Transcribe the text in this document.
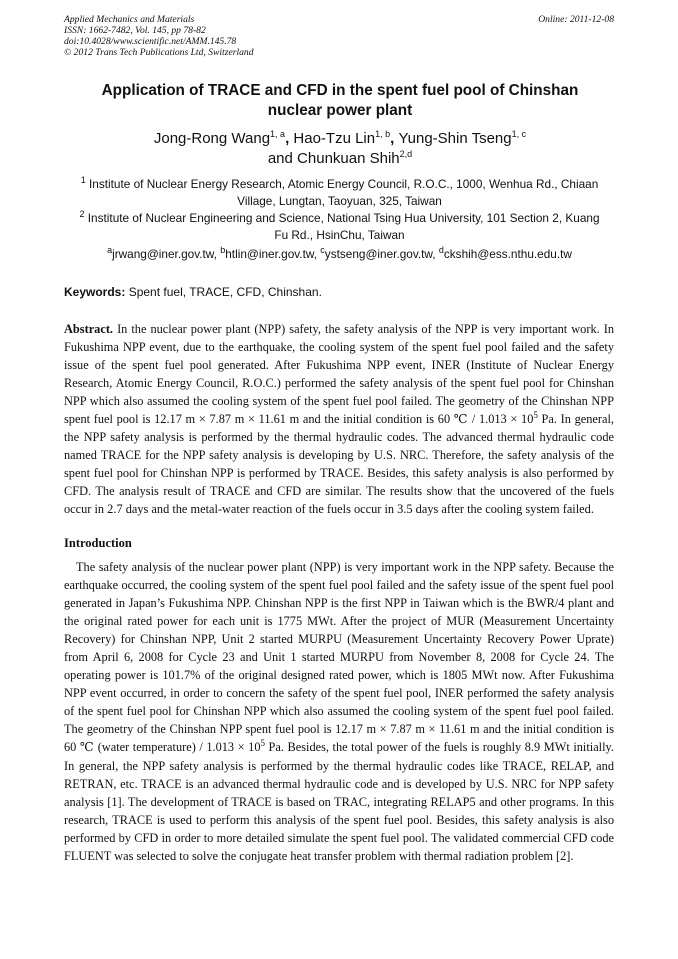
Applied Mechanics and Materials
ISSN: 1662-7482, Vol. 145, pp 78-82
doi:10.4028/www.scientific.net/AMM.145.78
© 2012 Trans Tech Publications Ltd, Switzerland
Online: 2011-12-08
Application of TRACE and CFD in the spent fuel pool of Chinshan
nuclear power plant
Jong-Rong Wang$^{1, a}$, Hao-Tzu Lin$^{1, b}$, Yung-Shin Tseng$^{1, c}$
and Chunkuan Shih$^{2,d}$
$^1$ Institute of Nuclear Energy Research, Atomic Energy Council, R.O.C., 1000, Wenhua Rd., Chiaan
Village, Lungtan, Taoyuan, 325, Taiwan
$^2$ Institute of Nuclear Engineering and Science, National Tsing Hua University, 101 Section 2, Kuang
Fu Rd., HsinChu, Taiwan
$^a$jrwang@iner.gov.tw, $^b$htlin@iner.gov.tw, $^c$ystseng@iner.gov.tw, $^d$ckshih@ess.nthu.edu.tw
Keywords: Spent fuel, TRACE, CFD, Chinshan.
Abstract. In the nuclear power plant (NPP) safety, the safety analysis of the NPP is very important work. In Fukushima NPP event, due to the earthquake, the cooling system of the spent fuel pool failed and the safety issue of the spent fuel pool generated. After Fukushima NPP event, INER (Institute of Nuclear Energy Research, Atomic Energy Council, R.O.C.) performed the safety analysis of the spent fuel pool for Chinshan NPP which also assumed the cooling system of the spent fuel pool failed. The geometry of the Chinshan NPP spent fuel pool is 12.17 m × 7.87 m × 11.61 m and the initial condition is 60 ℃ / $1.013 \times 10^5$ Pa. In general, the NPP safety analysis is performed by the thermal hydraulic codes. The advanced thermal hydraulic code named TRACE for the NPP safety analysis is developing by U.S. NRC. Therefore, the safety analysis of the spent fuel pool for Chinshan NPP is performed by TRACE. Besides, this safety analysis is also performed by CFD. The analysis result of TRACE and CFD are similar. The results show that the uncovered of the fuels occur in 2.7 days and the metal-water reaction of the fuels occur in 3.5 days after the cooling system failed.
Introduction
The safety analysis of the nuclear power plant (NPP) is very important work in the NPP safety. Because the earthquake occurred, the cooling system of the spent fuel pool failed and the safety issue of the spent fuel pool generated in Japan’s Fukushima NPP. Chinshan NPP is the first NPP in Taiwan which is the BWR/4 plant and the original rated power for each unit is 1775 MWt. After the project of MUR (Measurement Uncertainty Recovery) for Chinshan NPP, Unit 2 started MURPU (Measurement Uncertainty Recovery Power Uprate) from April 6, 2008 for Cycle 23 and Unit 1 started MURPU from November 8, 2008 for Cycle 24. The operating power is 101.7% of the original designed rated power, which is 1805 MWt now. After Fukushima NPP event occurred, in order to concern the safety of the spent fuel pool, INER performed the safety analysis of the spent fuel pool for Chinshan NPP which also assumed the cooling system of the spent fuel pool failed. The geometry of the Chinshan NPP spent fuel pool is 12.17 m × 7.87 m × 11.61 m and the initial condition is 60 ℃ (water temperature) / $1.013 \times 10^5$ Pa. Besides, the total power of the fuels is roughly 8.9 MWt initially. In general, the NPP safety analysis is performed by the thermal hydraulic codes like TRACE, RELAP, and RETRAN, etc. TRACE is an advanced thermal hydraulic code and is developed by U.S. NRC for NPP safety analysis [1]. The development of TRACE is based on TRAC, integrating RELAP5 and other programs. In this research, TRACE is used to perform this analysis of the spent fuel pool. Besides, this safety analysis is also performed by CFD in order to more detailed simulate the spent fuel pool. The validated commercial CFD code FLUENT was selected to solve the conjugate heat transfer problem with thermal radiation problem [2].
